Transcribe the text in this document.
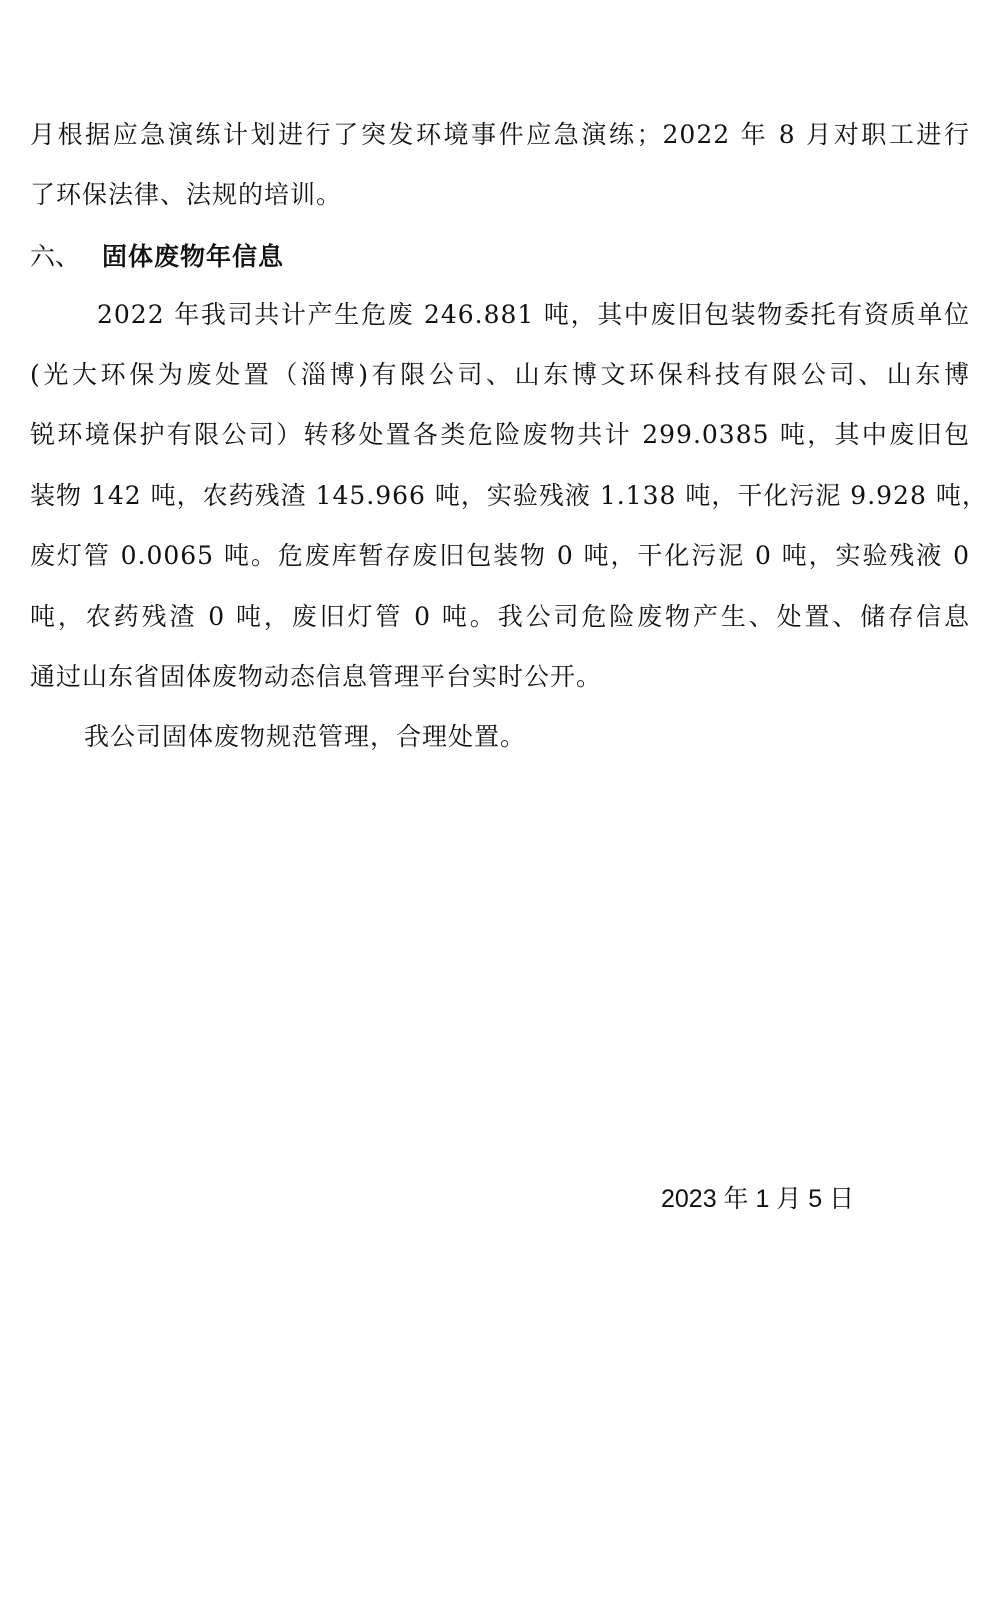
月根据应急演练计划进行了突发环境事件应急演练；2022 年 8 月对职工进行
了环保法律、法规的培训。
六、 固体废物年信息
2022 年我司共计产生危废 246.881 吨，其中废旧包装物委托有资质单位
(光大环保为废处置（淄博)有限公司、山东博文环保科技有限公司、山东博
锐环境保护有限公司）转移处置各类危险废物共计 299.0385 吨，其中废旧包
装物 142 吨，农药残渣 145.966 吨，实验残液 1.138 吨，干化污泥 9.928 吨，
废灯管 0.0065 吨。危废库暂存废旧包装物 0 吨，干化污泥 0 吨，实验残液 0
吨，农药残渣 0 吨，废旧灯管 0 吨。我公司危险废物产生、处置、储存信息
通过山东省固体废物动态信息管理平台实时公开。
我公司固体废物规范管理，合理处置。
2023 年 1 月 5 日
